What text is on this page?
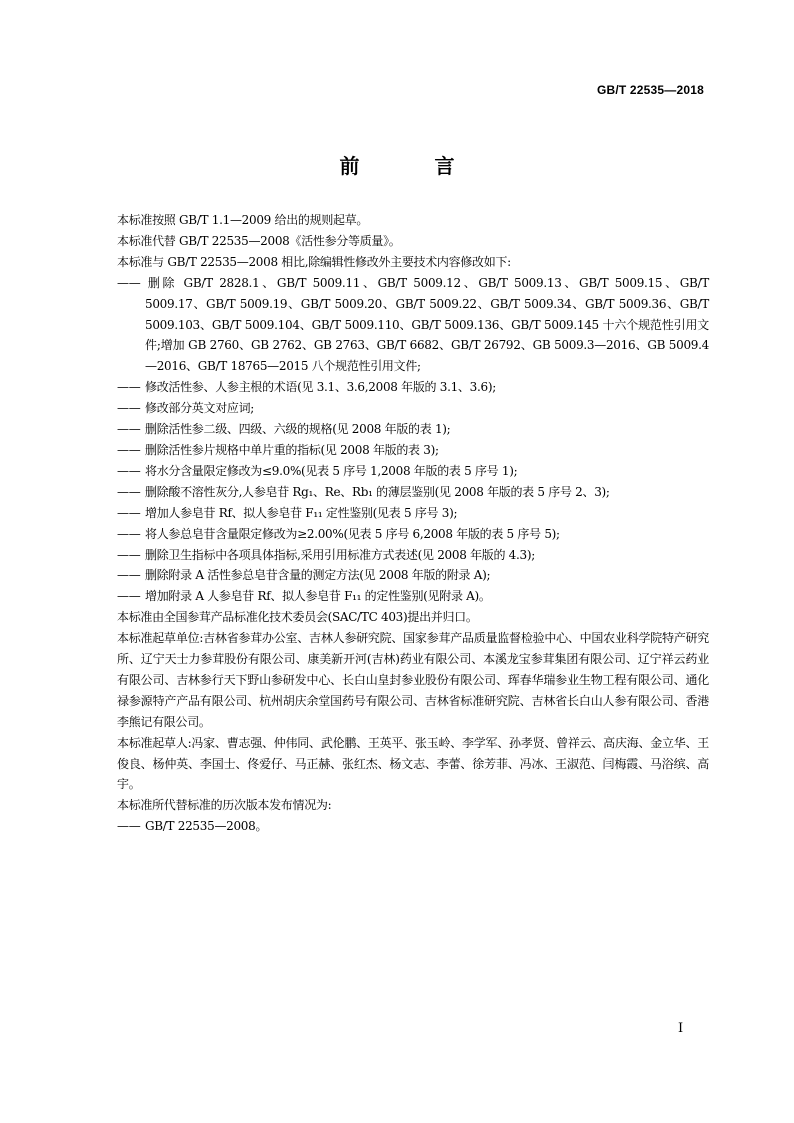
GB/T 22535—2018
前 言

本标准按照 GB/T 1.1—2009 给出的规则起草。

本标准代替 GB/T 22535—2008《活性参分等质量》。

本标准与 GB/T 22535—2008 相比,除编辑性修改外主要技术内容修改如下:

—— 删除 GB/T 2828.1、GB/T 5009.11、GB/T 5009.12、GB/T 5009.13、GB/T 5009.15、GB/T 5009.17、GB/T 5009.19、GB/T 5009.20、GB/T 5009.22、GB/T 5009.34、GB/T 5009.36、GB/T 5009.103、GB/T 5009.104、GB/T 5009.110、GB/T 5009.136、GB/T 5009.145 十六个规范性引用文件;增加 GB 2760、GB 2762、GB 2763、GB/T 6682、GB/T 26792、GB 5009.3—2016、GB 5009.4—2016、GB/T 18765—2015 八个规范性引用文件;

—— 修改活性参、人参主根的术语(见 3.1、3.6,2008 年版的 3.1、3.6);

—— 修改部分英文对应词;

—— 删除活性参二级、四级、六级的规格(见 2008 年版的表 1);

—— 删除活性参片规格中单片重的指标(见 2008 年版的表 3);

—— 将水分含量限定修改为≤9.0%(见表 5 序号 1,2008 年版的表 5 序号 1);

—— 删除酸不溶性灰分,人参皂苷 Rg₁、Re、Rb₁ 的薄层鉴别(见 2008 年版的表 5 序号 2、3);

—— 增加人参皂苷 Rf、拟人参皂苷 F₁₁ 定性鉴别(见表 5 序号 3);

—— 将人参总皂苷含量限定修改为≥2.00%(见表 5 序号 6,2008 年版的表 5 序号 5);

—— 删除卫生指标中各项具体指标,采用引用标准方式表述(见 2008 年版的 4.3);

—— 删除附录 A 活性参总皂苷含量的测定方法(见 2008 年版的附录 A);

—— 增加附录 A 人参皂苷 Rf、拟人参皂苷 F₁₁ 的定性鉴别(见附录 A)。

本标准由全国参茸产品标准化技术委员会(SAC/TC 403)提出并归口。

本标准起草单位:吉林省参茸办公室、吉林人参研究院、国家参茸产品质量监督检验中心、中国农业科学院特产研究所、辽宁天士力参茸股份有限公司、康美新开河(吉林)药业有限公司、本溪龙宝参茸集团有限公司、辽宁祥云药业有限公司、吉林参行天下野山参研发中心、长白山皇封参业股份有限公司、珲春华瑞参业生物工程有限公司、通化禄参源特产产品有限公司、杭州胡庆余堂国药号有限公司、吉林省标准研究院、吉林省长白山人参有限公司、香港李熊记有限公司。

本标准起草人:冯家、曹志强、仲伟同、武伦鹏、王英平、张玉岭、李学军、孙孝贤、曾祥云、高庆海、金立华、王俊良、杨仲英、李国士、佟爱仔、马正赫、张红杰、杨文志、李蕾、徐芳菲、冯冰、王淑范、闫梅霞、马浴缤、高宇。

本标准所代替标准的历次版本发布情况为:

—— GB/T 22535—2008。

I
